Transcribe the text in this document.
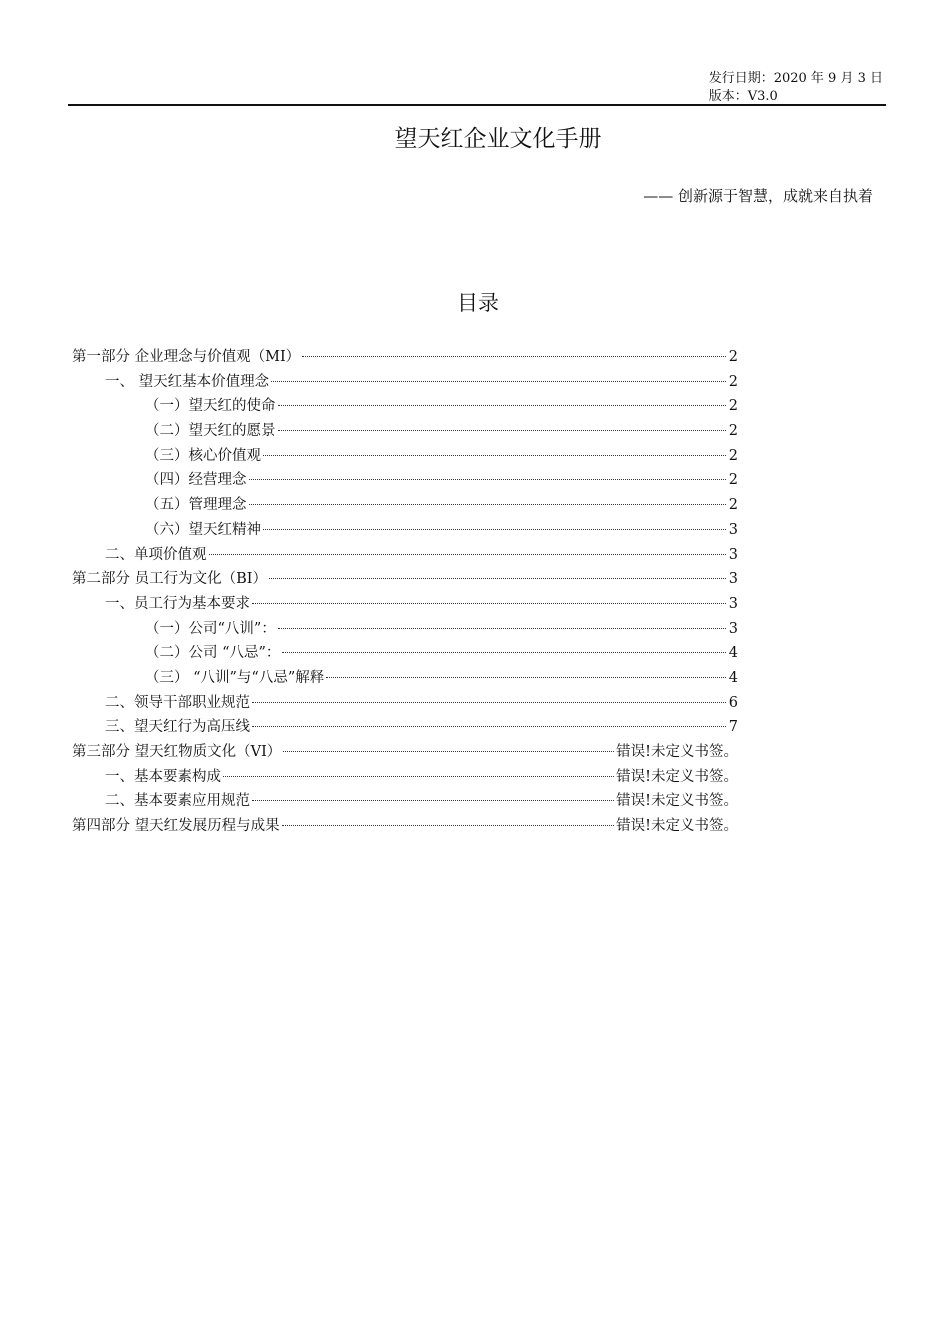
发行日期：2020 年 9 月 3 日
版本：V3.0
望天红企业文化手册
—— 创新源于智慧，成就来自执着
目录
第一部分 企业理念与价值观（MI）	2
一、 望天红基本价值理念	2
（一）望天红的使命	2
（二）望天红的愿景	2
（三）核心价值观	2
（四）经营理念	2
（五）管理理念	2
（六）望天红精神	3
二、单项价值观	3
第二部分 员工行为文化（BI）	3
一、员工行为基本要求	3
（一）公司“八训”：	3
（二）公司 “八忌”：	4
（三） “八训”与“八忌”解释	4
二、领导干部职业规范	6
三、望天红行为高压线	7
第三部分 望天红物质文化（VI）	错误!未定义书签。
一、基本要素构成	错误!未定义书签。
二、基本要素应用规范	错误!未定义书签。
第四部分 望天红发展历程与成果	错误!未定义书签。
